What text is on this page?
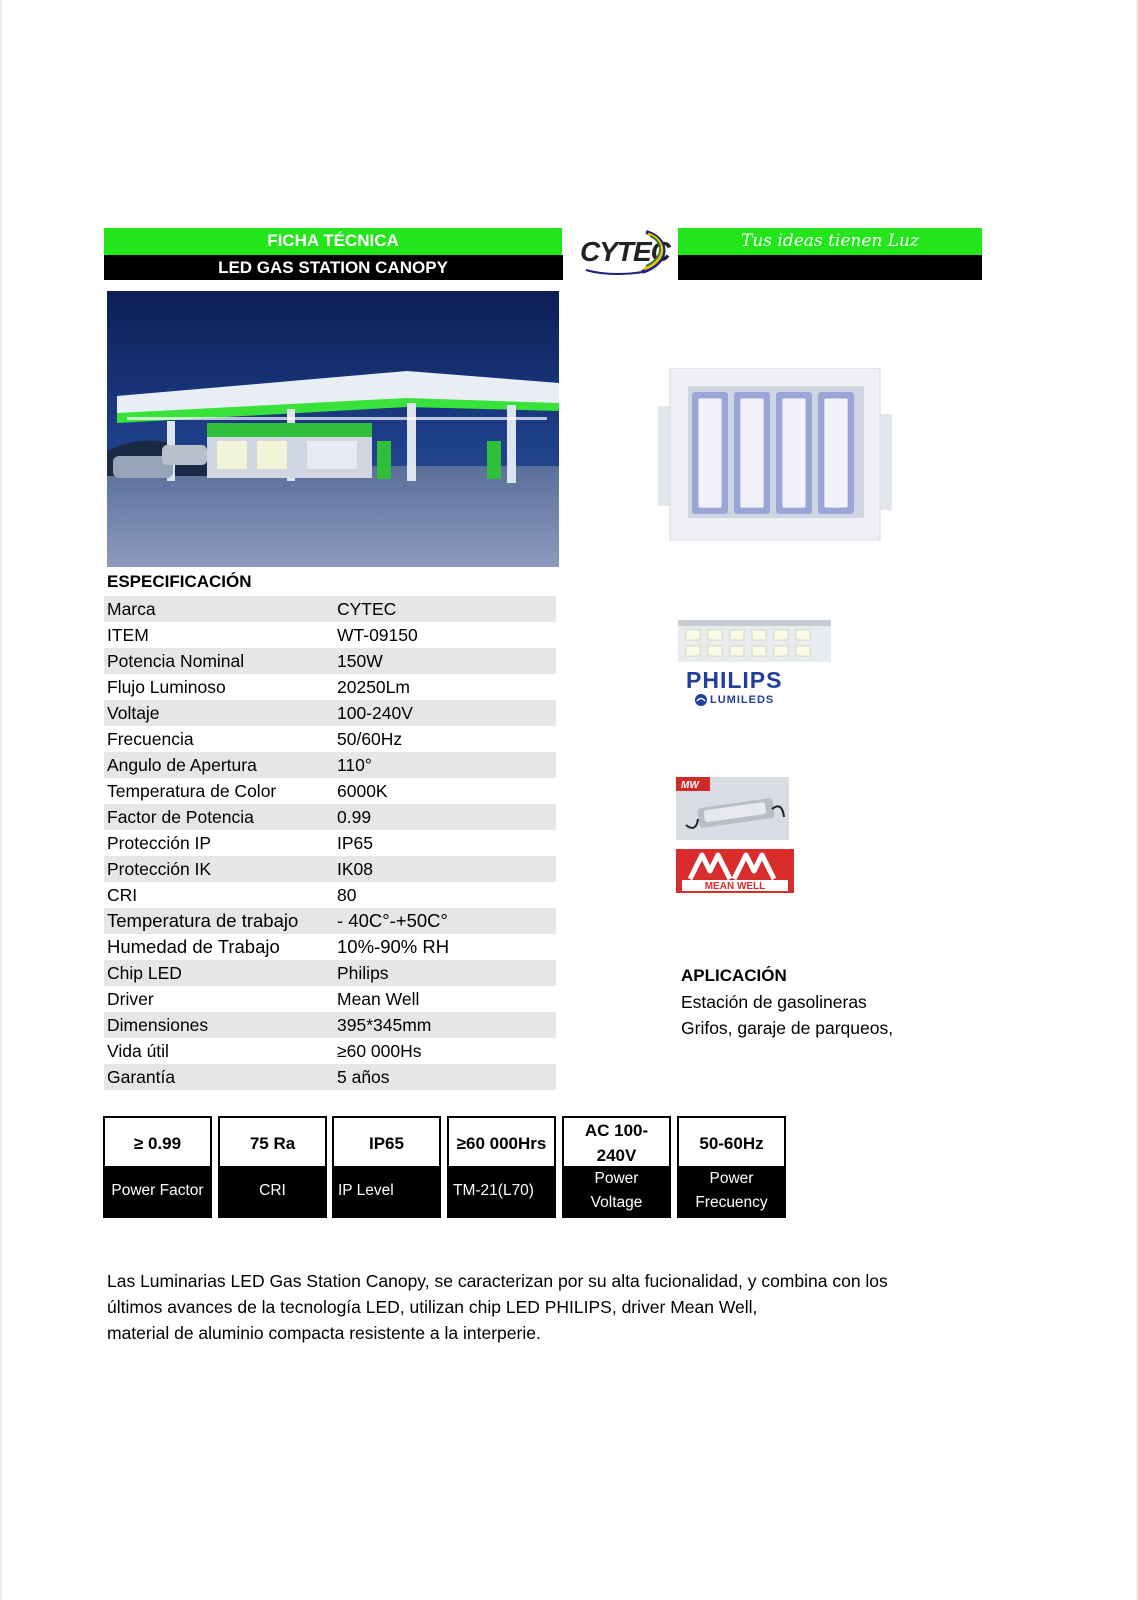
FICHA TÉCNICA
LED GAS STATION CANOPY
Tus ideas tienen Luz
CYTEC
ESPECIFICACIÓN
Marca	CYTEC
ITEM	WT-09150
Potencia Nominal	150W
Flujo Luminoso	20250Lm
Voltaje	100-240V
Frecuencia	50/60Hz
Angulo de Apertura	110°
Temperatura de Color	6000K
Factor de Potencia	0.99
Protección IP	IP65
Protección IK	IK08
CRI	80
Temperatura de trabajo	- 40C°-+50C°
Humedad de Trabajo	10%-90% RH
Chip LED	Philips
Driver	Mean Well
Dimensiones	395*345mm
Vida útil	≥60 000Hs
Garantía	5 años
PHILIPS
LUMILEDS
MW
MEAN WELL
APLICACIÓN
Estación de gasolineras
Grifos, garaje de parqueos,
≥ 0.99
Power Factor
75 Ra
CRI
IP65
IP Level
≥60 000Hrs
TM-21(L70)
AC 100-240V
Power Voltage
50-60Hz
Power Frecuency
Las Luminarias LED Gas Station Canopy, se caracterizan por su alta fucionalidad, y combina con los
últimos avances de la tecnología LED, utilizan chip LED PHILIPS, driver Mean Well,
material de aluminio compacta resistente a la interperie.
